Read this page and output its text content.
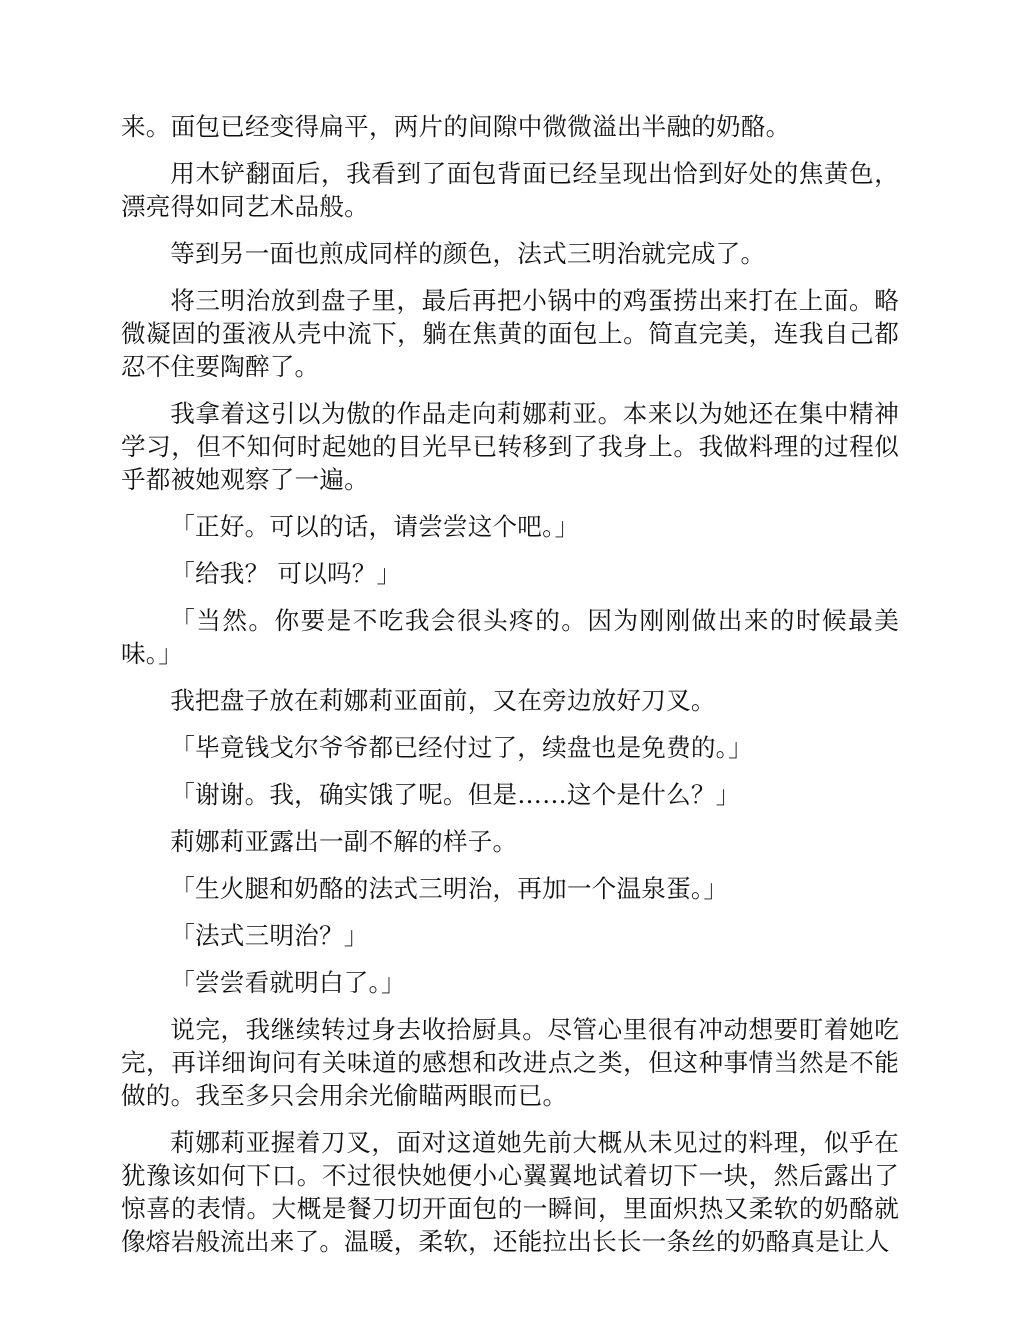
来。面包已经变得扁平，两片的间隙中微微溢出半融的奶酪。

用木铲翻面后，我看到了面包背面已经呈现出恰到好处的焦黄色，漂亮得如同艺术品般。

等到另一面也煎成同样的颜色，法式三明治就完成了。

将三明治放到盘子里，最后再把小锅中的鸡蛋捞出来打在上面。略微凝固的蛋液从壳中流下，躺在焦黄的面包上。简直完美，连我自己都忍不住要陶醉了。

我拿着这引以为傲的作品走向莉娜莉亚。本来以为她还在集中精神学习，但不知何时起她的目光早已转移到了我身上。我做料理的过程似乎都被她观察了一遍。

「正好。可以的话，请尝尝这个吧。」

「给我？ 可以吗？」

「当然。你要是不吃我会很头疼的。因为刚刚做出来的时候最美味。」

我把盘子放在莉娜莉亚面前，又在旁边放好刀叉。

「毕竟钱戈尔爷爷都已经付过了，续盘也是免费的。」

「谢谢。我，确实饿了呢。但是……这个是什么？」

莉娜莉亚露出一副不解的样子。

「生火腿和奶酪的法式三明治，再加一个温泉蛋。」

「法式三明治？」

「尝尝看就明白了。」

说完，我继续转过身去收拾厨具。尽管心里很有冲动想要盯着她吃完，再详细询问有关味道的感想和改进点之类，但这种事情当然是不能做的。我至多只会用余光偷瞄两眼而已。

莉娜莉亚握着刀叉，面对这道她先前大概从未见过的料理，似乎在犹豫该如何下口。不过很快她便小心翼翼地试着切下一块，然后露出了惊喜的表情。大概是餐刀切开面包的一瞬间，里面炽热又柔软的奶酪就像熔岩般流出来了。温暖，柔软，还能拉出长长一条丝的奶酪真是让人
